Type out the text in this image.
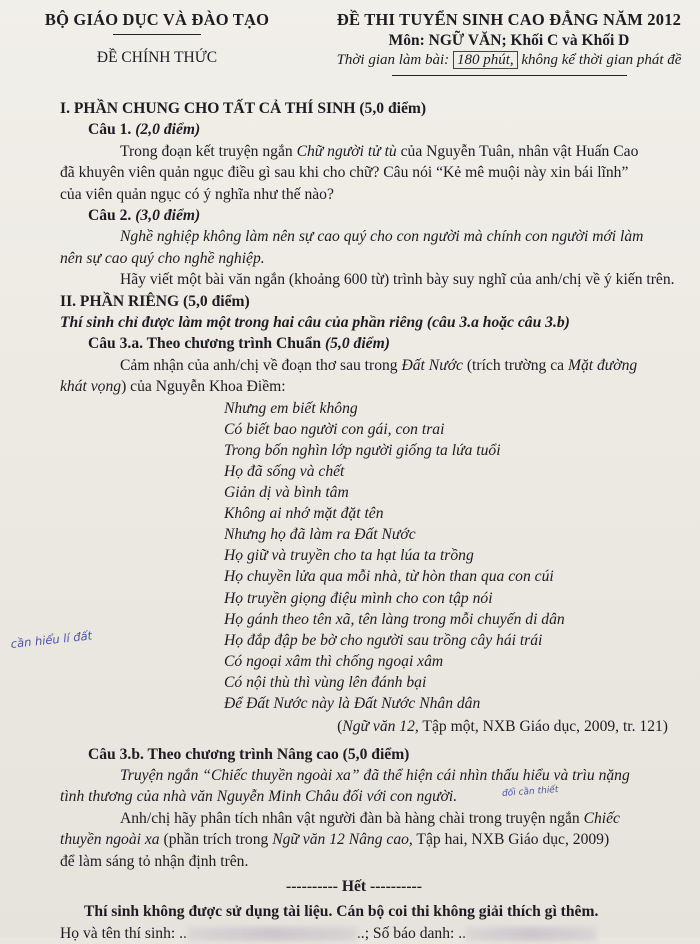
BỘ GIÁO DỤC VÀ ĐÀO TẠO
ĐỀ CHÍNH THỨC
ĐỀ THI TUYỂN SINH CAO ĐẲNG NĂM 2012
Môn: NGỮ VĂN; Khối C và Khối D
Thời gian làm bài: 180 phút, không kể thời gian phát đề

I. PHẦN CHUNG CHO TẤT CẢ THÍ SINH (5,0 điểm)

Câu 1. (2,0 điểm)

Trong đoạn kết truyện ngắn Chữ người tử tù của Nguyễn Tuân, nhân vật Huấn Cao

đã khuyên viên quản ngục điều gì sau khi cho chữ? Câu nói “Kẻ mê muội này xin bái lĩnh”

của viên quản ngục có ý nghĩa như thế nào?

Câu 2. (3,0 điểm)

Nghề nghiệp không làm nên sự cao quý cho con người mà chính con người mới làm

nên sự cao quý cho nghề nghiệp.

Hãy viết một bài văn ngắn (khoảng 600 từ) trình bày suy nghĩ của anh/chị về ý kiến trên.

II. PHẦN RIÊNG (5,0 điểm)

Thí sinh chỉ được làm một trong hai câu của phần riêng (câu 3.a hoặc câu 3.b)

Câu 3.a. Theo chương trình Chuẩn (5,0 điểm)

Cảm nhận của anh/chị về đoạn thơ sau trong Đất Nước (trích trường ca Mặt đường

khát vọng) của Nguyễn Khoa Điềm:

Nhưng em biết không
Có biết bao người con gái, con trai
Trong bốn nghìn lớp người giống ta lứa tuổi
Họ đã sống và chết
Giản dị và bình tâm
Không ai nhớ mặt đặt tên
Nhưng họ đã làm ra Đất Nước
Họ giữ và truyền cho ta hạt lúa ta trồng
Họ chuyền lửa qua mỗi nhà, từ hòn than qua con cúi
Họ truyền giọng điệu mình cho con tập nói
Họ gánh theo tên xã, tên làng trong mỗi chuyến di dân
Họ đắp đập be bờ cho người sau trồng cây hái trái
Có ngoại xâm thì chống ngoại xâm
Có nội thù thì vùng lên đánh bại
Để Đất Nước này là Đất Nước Nhân dân

(Ngữ văn 12, Tập một, NXB Giáo dục, 2009, tr. 121)

Câu 3.b. Theo chương trình Nâng cao (5,0 điểm)

Truyện ngắn “Chiếc thuyền ngoài xa” đã thể hiện cái nhìn thấu hiểu và trìu nặng

tình thương của nhà văn Nguyễn Minh Châu đối với con người.

Anh/chị hãy phân tích nhân vật người đàn bà hàng chài trong truyện ngắn Chiếc

thuyền ngoài xa (phần trích trong Ngữ văn 12 Nâng cao, Tập hai, NXB Giáo dục, 2009)

để làm sáng tỏ nhận định trên.

---------- Hết ----------

Thí sinh không được sử dụng tài liệu. Cán bộ coi thi không giải thích gì thêm.

Họ và tên thí sinh: ..	..; Số báo danh: ..

cần hiểu lí đất
đổi cần thiết
